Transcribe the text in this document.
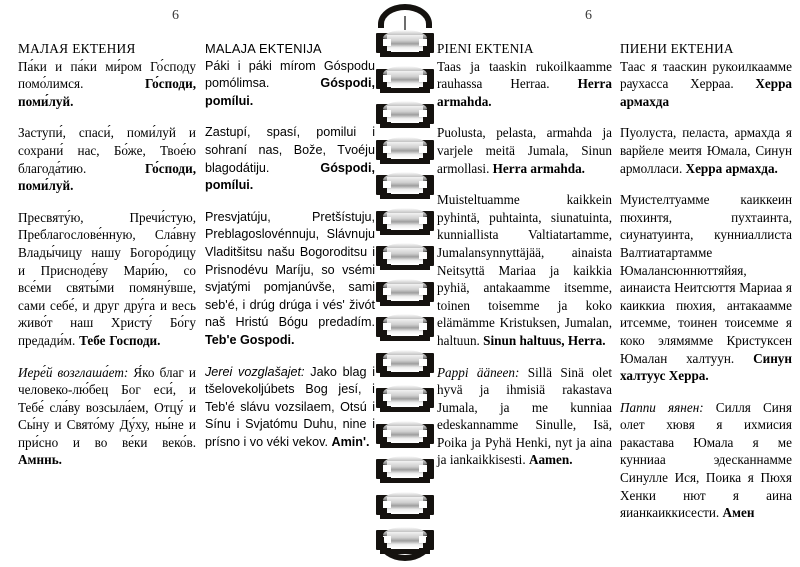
6	6
МАЛАЯ ЕКТЕНИЯ

Па́ки и па́ки ми́ром Го́споду помо́лимся. Го́споди, поми́луй.

Заступи́, спаси́, поми́луй и сохрани́ нас, Бо́же, Твое́ю благода́тию. Го́споди, поми́луй.

Пресвяту́ю, Пречи́стую, Преблагослове́нную, Сла́вну Влады́чицу нашу Богоро́дицу и Присноде́ву Мари́ю, со все́ми святы́ми помяну́вше, сами себе́, и друг дру́га и весь живо́т наш Христу́ Бо́гу предади́м. Тебе Господи.

Иере́й возглаша́ет: Я́ко благ и человеко-лю́бец Бог еси́, и Тебе́ сла́ву возсыла́ем, Отцу́ и Сы́ну и Свято́му Ду́ху, ны́не и при́сно и во ве́ки веко́в. Амннь.

MALAJA EKTENIJA

Pа́ki i pа́ki mírom Góspodu pomólimsa. Góspodi, pomílui.

Zastupí, spasí, pomilui i sohraní nas, Bože, Tvoéju blagodátiju. Góspodi, pomílui.

Presvjatúju, Pretšístuju, Preblagoslovénnuju, Slávnuju Vladitšitsu našu Bogoroditsu i Prisnodévu Maríju, so vsémi svjatými pomjanúvše, sami seb'é, i drúg drúga i vés' živót naš Hristú Bógu predadím. Teb'e Gospodi.

Jerei vozglašajet: Jako blag i tšelovekoljúbets Bog jesí, i Teb'é slávu vozsilaem, Otsú i Sínu i Svjatómu Duhu, nine i prísno i vo véki vekov. Amin'.

PIENI EKTENIA

Taas ja taaskin rukoilkaamme rauhassa Herraa. Herra armahda.

Puolusta, pelasta, armahda ja varjele meitä Jumala, Sinun armollasi. Herra armahda.

Muisteltuamme kaikkein pyhintä, puhtainta, siunatuinta, kunniallista Valtiatartamme, Jumalansynnyttäjää, ainaista Neitsyttä Mariaa ja kaikkia pyhiä, antakaamme itsemme, toinen toisemme ja koko elämämme Kristuksen, Jumalan, haltuun. Sinun haltuus, Herra.

Pappi ääneen: Sillä Sinä olet hyvä ja ihmisiä rakastava Jumala, ja me kunniaa edeskannamme Sinulle, Isä, Poika ja Pyhä Henki, nyt ja aina ja iankaikkisesti. Aamen.

ПИЕНИ ЕКТЕНИА

Таас я тааскин рукоилкаамме раухасса Херраа. Херра армахда

Пуолуста, пеласта, армахда я варйеле меитя Юмала, Синун армолласи. Херра армахда.

Муистелтуамме каиккеин пюхинтя, пухтаинта, сиунатуинта, кунниаллиста Валтиатартамме Юмалансюннюттяйяя, аинаиста Неитсюття Мариаа я каиккиа пюхия, антакаамме итсемме, тоинен тоисемме я коко элямямме Кристуксен Юмалан халтуун. Синун халтуус Херра.

Паппи яянен: Силля Синя олет хювя я ихмисия ракастава Юмала я ме кунниаа эдесканнамме Синулле Ися, Поика я Пюхя Хенки нют я аина яианкаиккисести. Амен
